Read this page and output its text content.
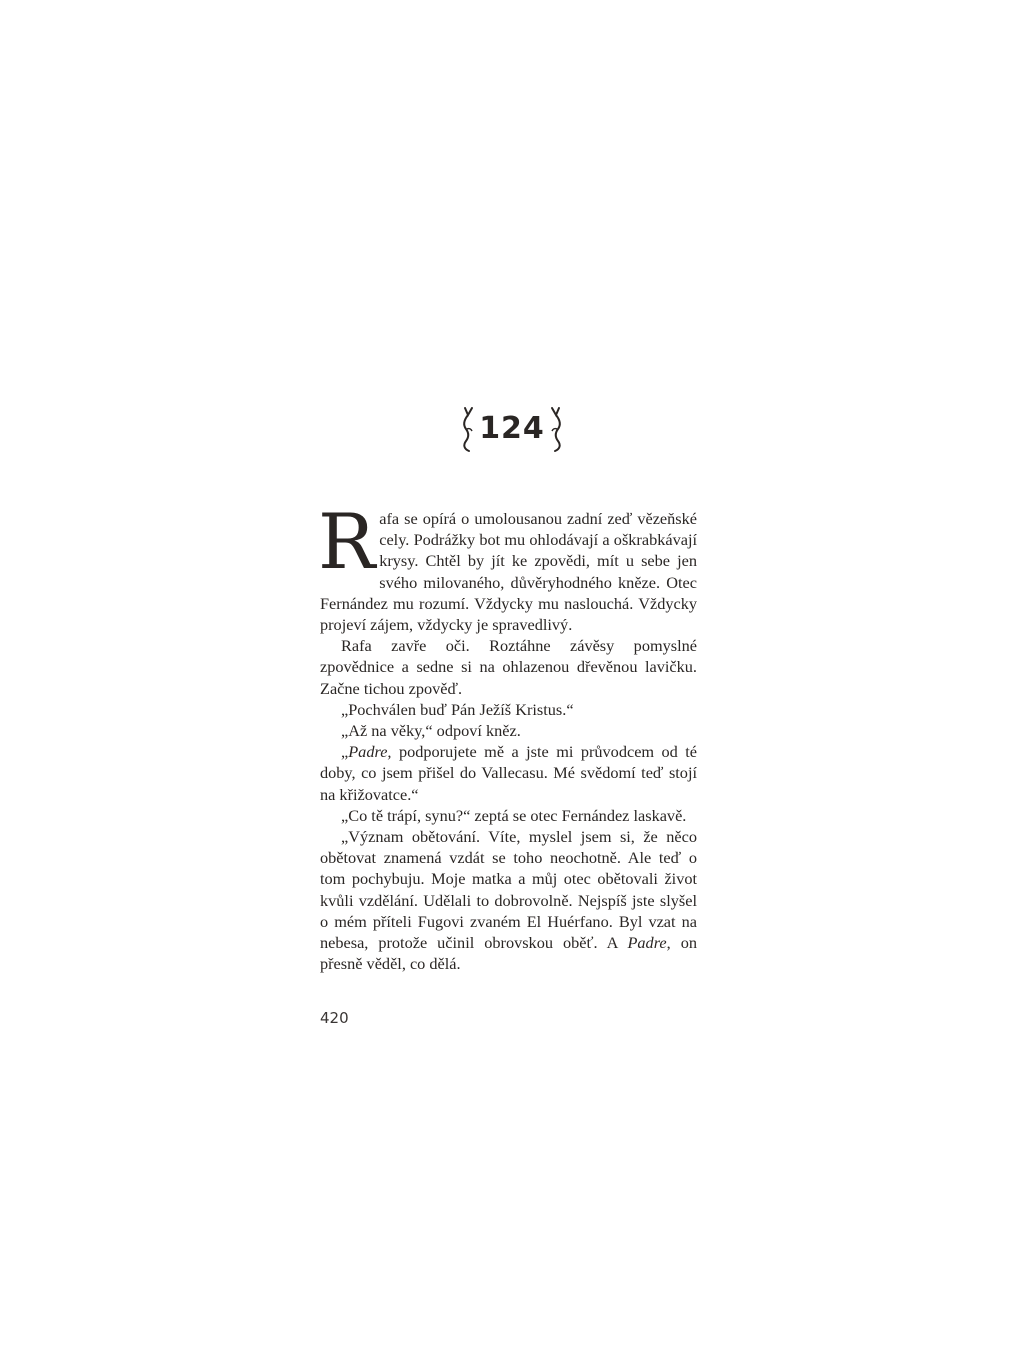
124

Rafa se opírá o umolousanou zadní zeď vězeňské cely. Podrážky bot mu ohlodávají a oškrabkávají krysy. Chtěl by jít ke zpovědi, mít u sebe jen svého milovaného, důvěryhodného kněze. Otec Fernández mu rozumí. Vždycky mu naslouchá. Vždycky projeví zájem, vždycky je spravedlivý.

Rafa zavře oči. Roztáhne závěsy pomyslné zpovědnice a sedne si na ohlazenou dřevěnou lavičku. Začne tichou zpověď.

„Pochválen buď Pán Ježíš Kristus.“

„Až na věky,“ odpoví kněz.

„Padre, podporujete mě a jste mi průvodcem od té doby, co jsem přišel do Vallecasu. Mé svědomí teď stojí na křižovatce.“

„Co tě trápí, synu?“ zeptá se otec Fernández laskavě.

„Význam obětování. Víte, myslel jsem si, že něco obětovat znamená vzdát se toho neochotně. Ale teď o tom pochybuju. Moje matka a můj otec obětovali život kvůli vzdělání. Udělali to dobrovolně. Nejspíš jste slyšel o mém příteli Fugovi zvaném El Huérfano. Byl vzat na nebesa, protože učinil obrovskou oběť. A Padre, on přesně věděl, co dělá.

420
